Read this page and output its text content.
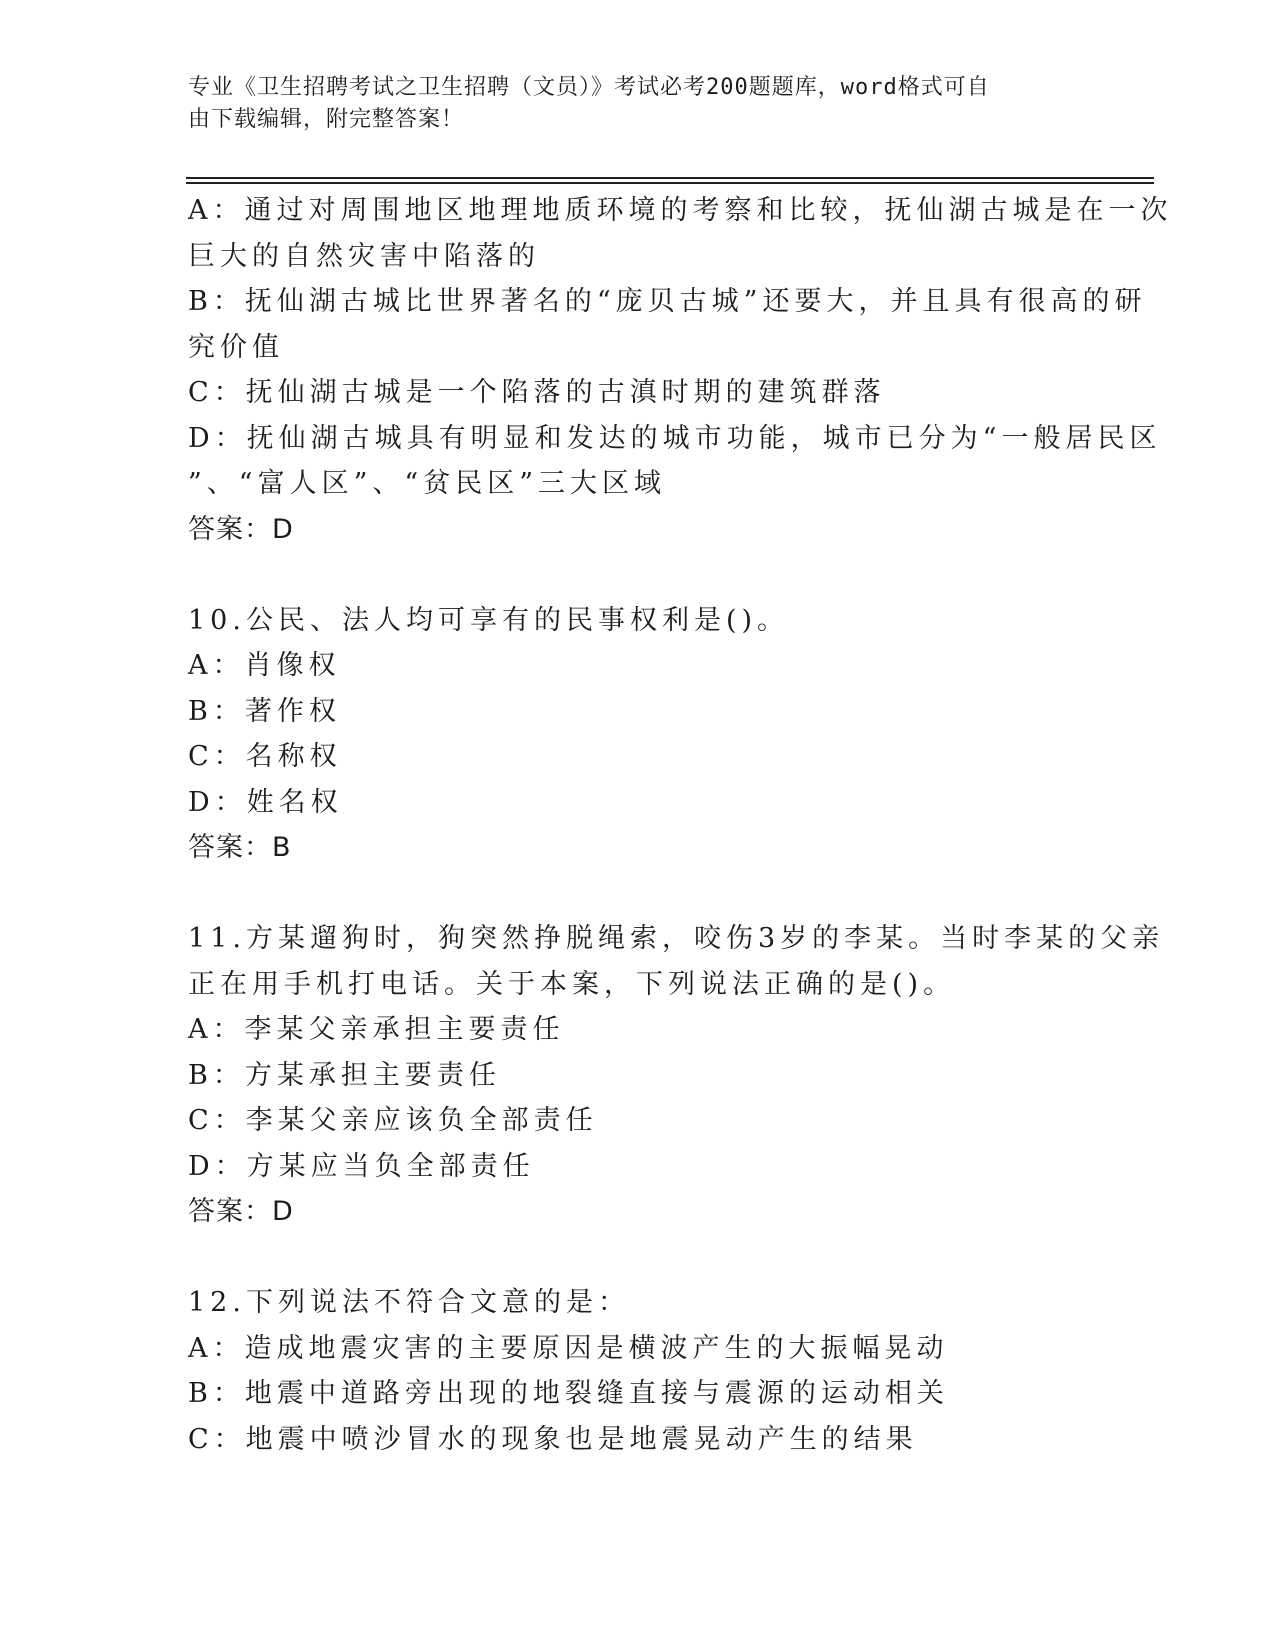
专业《卫生招聘考试之卫生招聘（文员）》考试必考200题题库，word格式可自
由下载编辑，附完整答案！
A：通过对周围地区地理地质环境的考察和比较，抚仙湖古城是在一次
巨大的自然灾害中陷落的
B：抚仙湖古城比世界著名的“庞贝古城”还要大，并且具有很高的研
究价值
C：抚仙湖古城是一个陷落的古滇时期的建筑群落
D：抚仙湖古城具有明显和发达的城市功能，城市已分为“一般居民区
”、“富人区”、“贫民区”三大区域
答案：D
10.公民、法人均可享有的民事权利是()。
A：肖像权
B：著作权
C：名称权
D：姓名权
答案：B
11.方某遛狗时，狗突然挣脱绳索，咬伤3岁的李某。当时李某的父亲
正在用手机打电话。关于本案，下列说法正确的是()。
A：李某父亲承担主要责任
B：方某承担主要责任
C：李某父亲应该负全部责任
D：方某应当负全部责任
答案：D
12.下列说法不符合文意的是：
A：造成地震灾害的主要原因是横波产生的大振幅晃动
B：地震中道路旁出现的地裂缝直接与震源的运动相关
C：地震中喷沙冒水的现象也是地震晃动产生的结果
